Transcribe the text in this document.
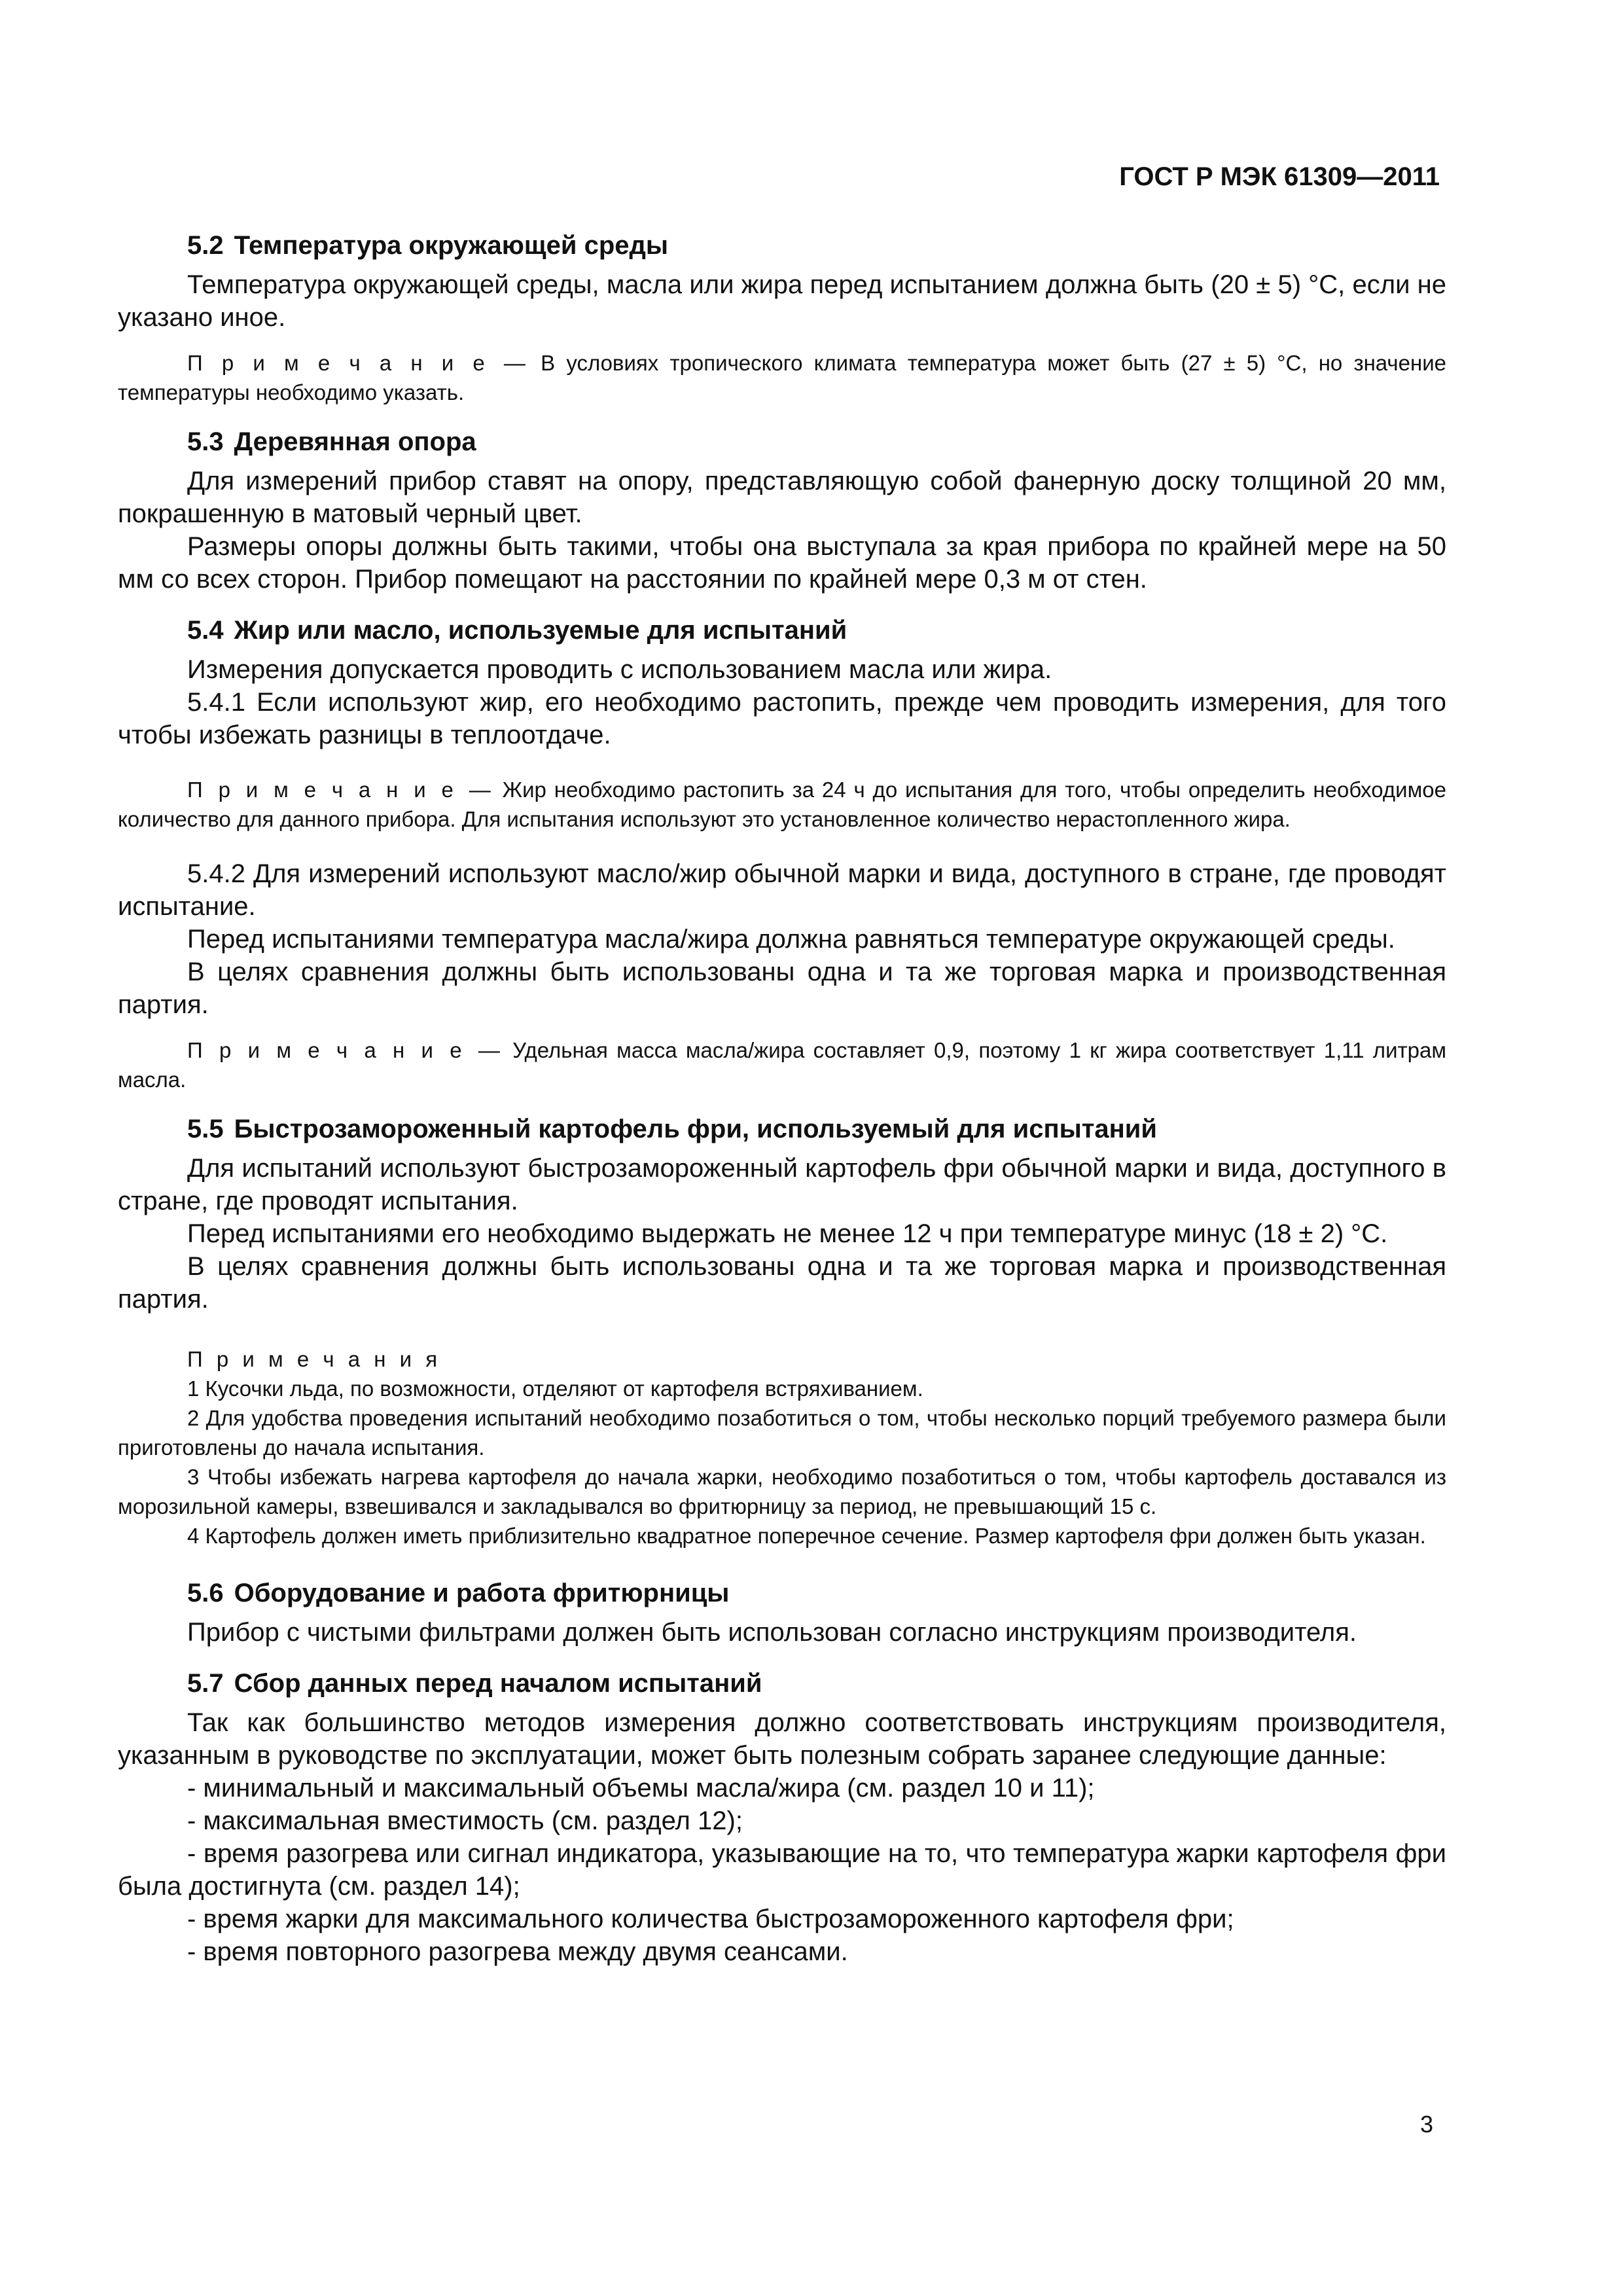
ГОСТ Р МЭК 61309—2011
5.2 Температура окружающей среды

Температура окружающей среды, масла или жира перед испытанием должна быть (20 ± 5) °С, если не указано иное.

П р и м е ч а н и е — В условиях тропического климата температура может быть (27 ± 5) °С, но значение температуры необходимо указать.

5.3 Деревянная опора

Для измерений прибор ставят на опору, представляющую собой фанерную доску толщиной 20 мм, покрашенную в матовый черный цвет.

Размеры опоры должны быть такими, чтобы она выступала за края прибора по крайней мере на 50 мм со всех сторон. Прибор помещают на расстоянии по крайней мере 0,3 м от стен.

5.4 Жир или масло, используемые для испытаний

Измерения допускается проводить с использованием масла или жира.

5.4.1 Если используют жир, его необходимо растопить, прежде чем проводить измерения, для того чтобы избежать разницы в теплоотдаче.

П р и м е ч а н и е — Жир необходимо растопить за 24 ч до испытания для того, чтобы определить необходимое количество для данного прибора. Для испытания используют это установленное количество нерастопленного жира.

5.4.2 Для измерений используют масло/жир обычной марки и вида, доступного в стране, где проводят испытание.

Перед испытаниями температура масла/жира должна равняться температуре окружающей среды.

В целях сравнения должны быть использованы одна и та же торговая марка и производственная партия.

П р и м е ч а н и е — Удельная масса масла/жира составляет 0,9, поэтому 1 кг жира соответствует 1,11 литрам масла.

5.5 Быстрозамороженный картофель фри, используемый для испытаний

Для испытаний используют быстрозамороженный картофель фри обычной марки и вида, доступного в стране, где проводят испытания.

Перед испытаниями его необходимо выдержать не менее 12 ч при температуре минус (18 ± 2) °С.

В целях сравнения должны быть использованы одна и та же торговая марка и производственная партия.

П р и м е ч а н и я

1 Кусочки льда, по возможности, отделяют от картофеля встряхиванием.

2 Для удобства проведения испытаний необходимо позаботиться о том, чтобы несколько порций требуемого размера были приготовлены до начала испытания.

3 Чтобы избежать нагрева картофеля до начала жарки, необходимо позаботиться о том, чтобы картофель доставался из морозильной камеры, взвешивался и закладывался во фритюрницу за период, не превышающий 15 с.

4 Картофель должен иметь приблизительно квадратное поперечное сечение. Размер картофеля фри должен быть указан.

5.6 Оборудование и работа фритюрницы

Прибор с чистыми фильтрами должен быть использован согласно инструкциям производителя.

5.7 Сбор данных перед началом испытаний

Так как большинство методов измерения должно соответствовать инструкциям производителя, указанным в руководстве по эксплуатации, может быть полезным собрать заранее следующие данные:

- минимальный и максимальный объемы масла/жира (см. раздел 10 и 11);
- максимальная вместимость (см. раздел 12);
- время разогрева или сигнал индикатора, указывающие на то, что температура жарки картофеля фри была достигнута (см. раздел 14);
- время жарки для максимального количества быстрозамороженного картофеля фри;
- время повторного разогрева между двумя сеансами.
3
